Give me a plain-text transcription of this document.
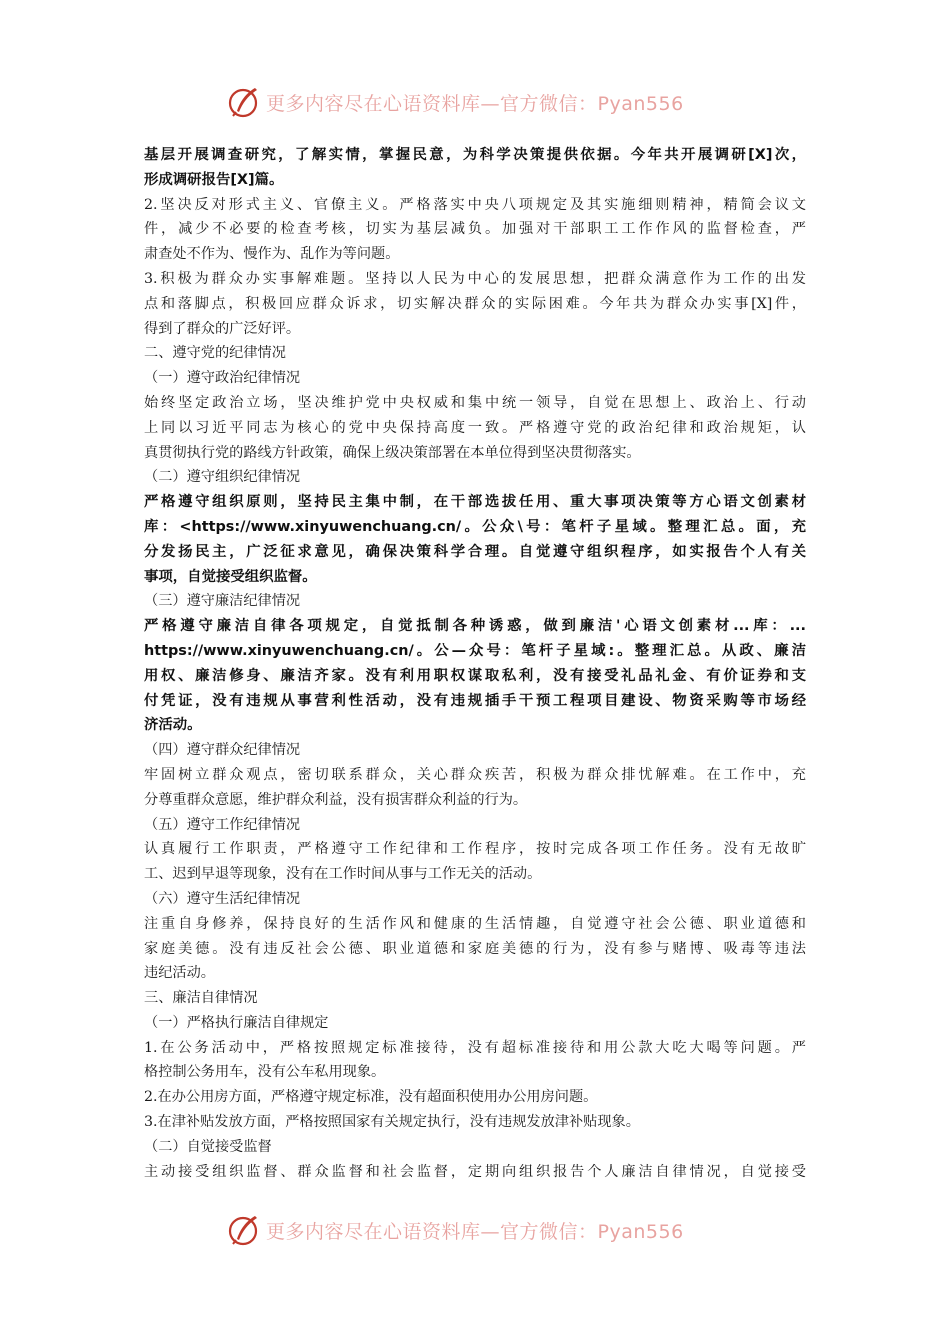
更多内容尽在心语资料库—官方微信：Pyan556

基层开展调查研究，了解实情，掌握民意，为科学决策提供依据。今年共开展调研[X]次，

形成调研报告[X]篇。

2.坚决反对形式主义、官僚主义。严格落实中央八项规定及其实施细则精神，精简会议文

件，减少不必要的检查考核，切实为基层减负。加强对干部职工工作作风的监督检查，严

肃查处不作为、慢作为、乱作为等问题。

3.积极为群众办实事解难题。坚持以人民为中心的发展思想，把群众满意作为工作的出发

点和落脚点，积极回应群众诉求，切实解决群众的实际困难。今年共为群众办实事[X]件，

得到了群众的广泛好评。

二、遵守党的纪律情况

（一）遵守政治纪律情况

始终坚定政治立场，坚决维护党中央权威和集中统一领导，自觉在思想上、政治上、行动

上同以习近平同志为核心的党中央保持高度一致。严格遵守党的政治纪律和政治规矩，认

真贯彻执行党的路线方针政策，确保上级决策部署在本单位得到坚决贯彻落实。

（二）遵守组织纪律情况

严格遵守组织原则，坚持民主集中制，在干部选拔任用、重大事项决策等方心语文创素材

库：<https://www.xinyuwenchuang.cn/。公众\号：笔杆子星域。整理汇总。面，充

分发扬民主，广泛征求意见，确保决策科学合理。自觉遵守组织程序，如实报告个人有关

事项，自觉接受组织监督。

（三）遵守廉洁纪律情况

严格遵守廉洁自律各项规定，自觉抵制各种诱惑，做到廉洁'心语文创素材...库：...

https://www.xinyuwenchuang.cn/。公—众号：笔杆子星域:。整理汇总。从政、廉洁

用权、廉洁修身、廉洁齐家。没有利用职权谋取私利，没有接受礼品礼金、有价证券和支

付凭证，没有违规从事营利性活动，没有违规插手干预工程项目建设、物资采购等市场经

济活动。

（四）遵守群众纪律情况

牢固树立群众观点，密切联系群众，关心群众疾苦，积极为群众排忧解难。在工作中，充

分尊重群众意愿，维护群众利益，没有损害群众利益的行为。

（五）遵守工作纪律情况

认真履行工作职责，严格遵守工作纪律和工作程序，按时完成各项工作任务。没有无故旷

工、迟到早退等现象，没有在工作时间从事与工作无关的活动。

（六）遵守生活纪律情况

注重自身修养，保持良好的生活作风和健康的生活情趣，自觉遵守社会公德、职业道德和

家庭美德。没有违反社会公德、职业道德和家庭美德的行为，没有参与赌博、吸毒等违法

违纪活动。

三、廉洁自律情况

（一）严格执行廉洁自律规定

1.在公务活动中，严格按照规定标准接待，没有超标准接待和用公款大吃大喝等问题。严

格控制公务用车，没有公车私用现象。

2.在办公用房方面，严格遵守规定标准，没有超面积使用办公用房问题。

3.在津补贴发放方面，严格按照国家有关规定执行，没有违规发放津补贴现象。

（二）自觉接受监督

主动接受组织监督、群众监督和社会监督，定期向组织报告个人廉洁自律情况，自觉接受

更多内容尽在心语资料库—官方微信：Pyan556
